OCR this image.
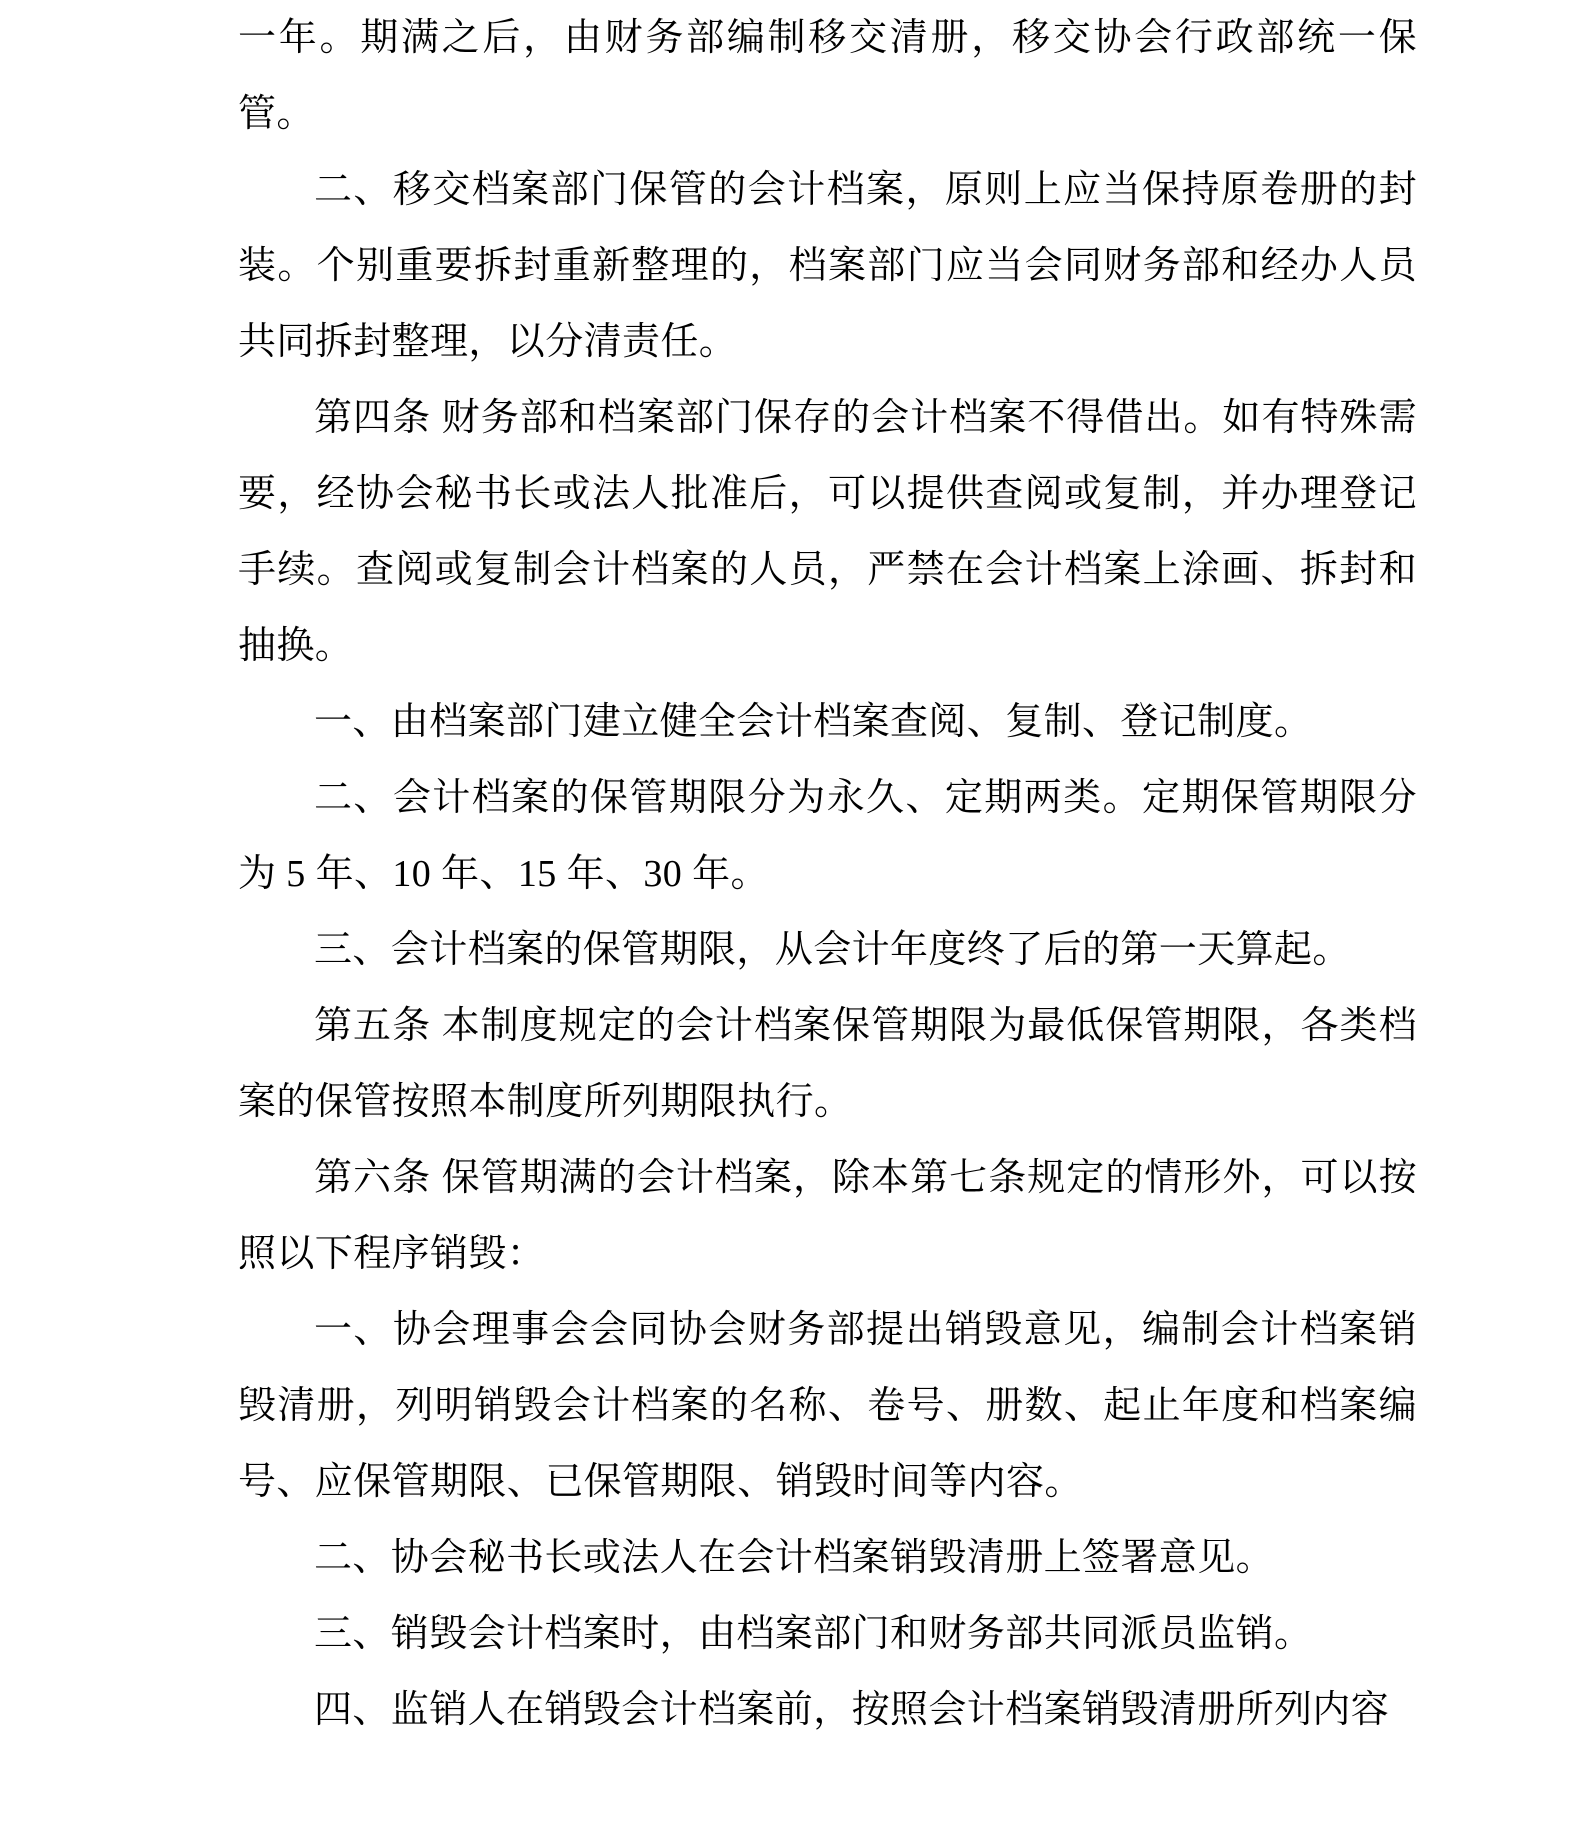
一年。期满之后，由财务部编制移交清册，移交协会行政部统一保管。

二、移交档案部门保管的会计档案，原则上应当保持原卷册的封装。个别重要拆封重新整理的，档案部门应当会同财务部和经办人员共同拆封整理，以分清责任。

第四条 财务部和档案部门保存的会计档案不得借出。如有特殊需要，经协会秘书长或法人批准后，可以提供查阅或复制，并办理登记手续。查阅或复制会计档案的人员，严禁在会计档案上涂画、拆封和抽换。

一、由档案部门建立健全会计档案查阅、复制、登记制度。

二、会计档案的保管期限分为永久、定期两类。定期保管期限分为 5 年、10 年、15 年、30 年。

三、会计档案的保管期限，从会计年度终了后的第一天算起。

第五条 本制度规定的会计档案保管期限为最低保管期限，各类档案的保管按照本制度所列期限执行。

第六条 保管期满的会计档案，除本第七条规定的情形外，可以按照以下程序销毁：

一、协会理事会会同协会财务部提出销毁意见，编制会计档案销毁清册，列明销毁会计档案的名称、卷号、册数、起止年度和档案编号、应保管期限、已保管期限、销毁时间等内容。

二、协会秘书长或法人在会计档案销毁清册上签署意见。

三、销毁会计档案时，由档案部门和财务部共同派员监销。

四、监销人在销毁会计档案前，按照会计档案销毁清册所列内容
